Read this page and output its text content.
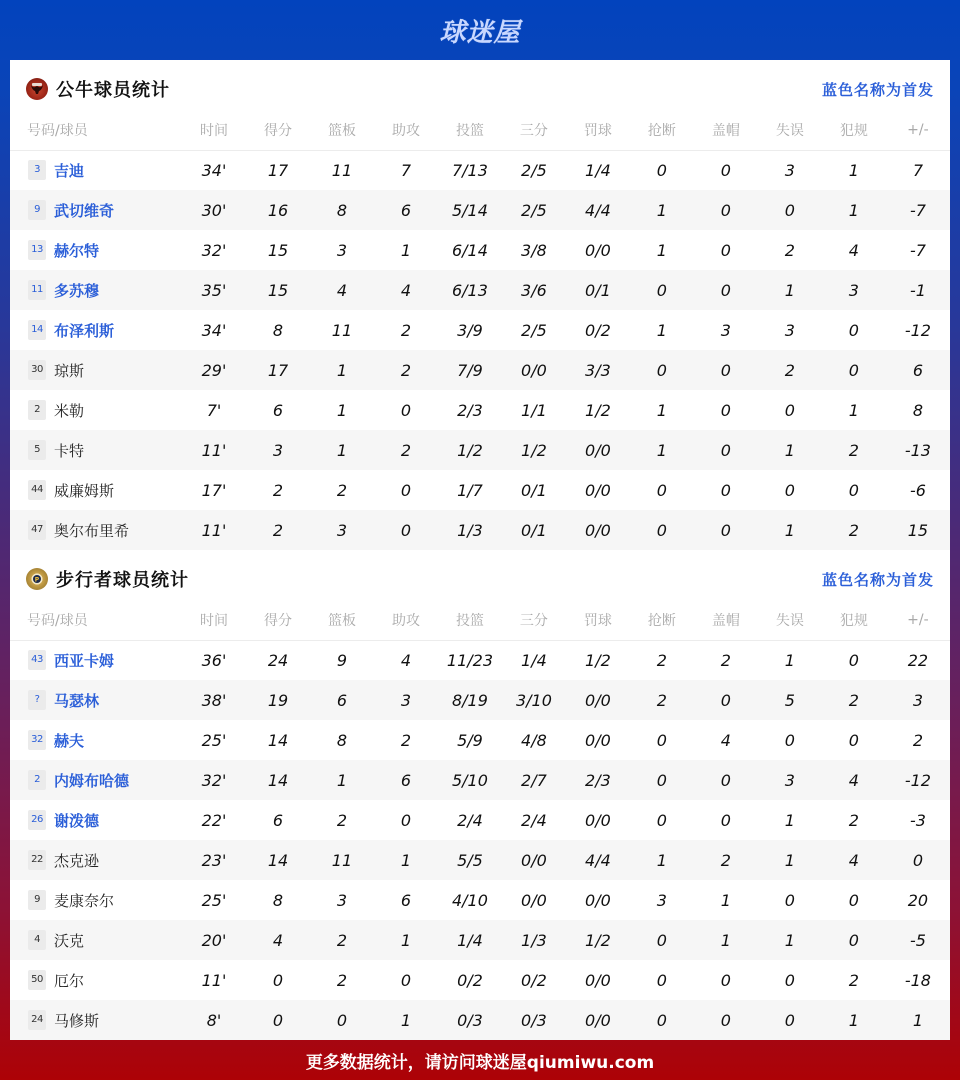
球迷屋
公牛球员统计	蓝色名称为首发
号码/球员	时间	得分	篮板	助攻	投篮	三分	罚球	抢断	盖帽	失误	犯规	+/-
3 吉迪	34'	17	11	7	7/13	2/5	1/4	0	0	3	1	7
9 武切维奇	30'	16	8	6	5/14	2/5	4/4	1	0	0	1	-7
13 赫尔特	32'	15	3	1	6/14	3/8	0/0	1	0	2	4	-7
11 多苏穆	35'	15	4	4	6/13	3/6	0/1	0	0	1	3	-1
14 布泽利斯	34'	8	11	2	3/9	2/5	0/2	1	3	3	0	-12
30 琼斯	29'	17	1	2	7/9	0/0	3/3	0	0	2	0	6
2 米勒	7'	6	1	0	2/3	1/1	1/2	1	0	0	1	8
5 卡特	11'	3	1	2	1/2	1/2	0/0	1	0	1	2	-13
44 威廉姆斯	17'	2	2	0	1/7	0/1	0/0	0	0	0	0	-6
47 奥尔布里希	11'	2	3	0	1/3	0/1	0/0	0	0	1	2	15
P 步行者球员统计	蓝色名称为首发
号码/球员	时间	得分	篮板	助攻	投篮	三分	罚球	抢断	盖帽	失误	犯规	+/-
43 西亚卡姆	36'	24	9	4	11/23	1/4	1/2	2	2	1	0	22
? 马瑟林	38'	19	6	3	8/19	3/10	0/0	2	0	5	2	3
32 赫夫	25'	14	8	2	5/9	4/8	0/0	0	4	0	0	2
2 内姆布哈德	32'	14	1	6	5/10	2/7	2/3	0	0	3	4	-12
26 谢泼德	22'	6	2	0	2/4	2/4	0/0	0	0	1	2	-3
22 杰克逊	23'	14	11	1	5/5	0/0	4/4	1	2	1	4	0
9 麦康奈尔	25'	8	3	6	4/10	0/0	0/0	3	1	0	0	20
4 沃克	20'	4	2	1	1/4	1/3	1/2	0	1	1	0	-5
50 厄尔	11'	0	2	0	0/2	0/2	0/0	0	0	0	2	-18
24 马修斯	8'	0	0	1	0/3	0/3	0/0	0	0	0	1	1
更多数据统计，请访问球迷屋qiumiwu.com
